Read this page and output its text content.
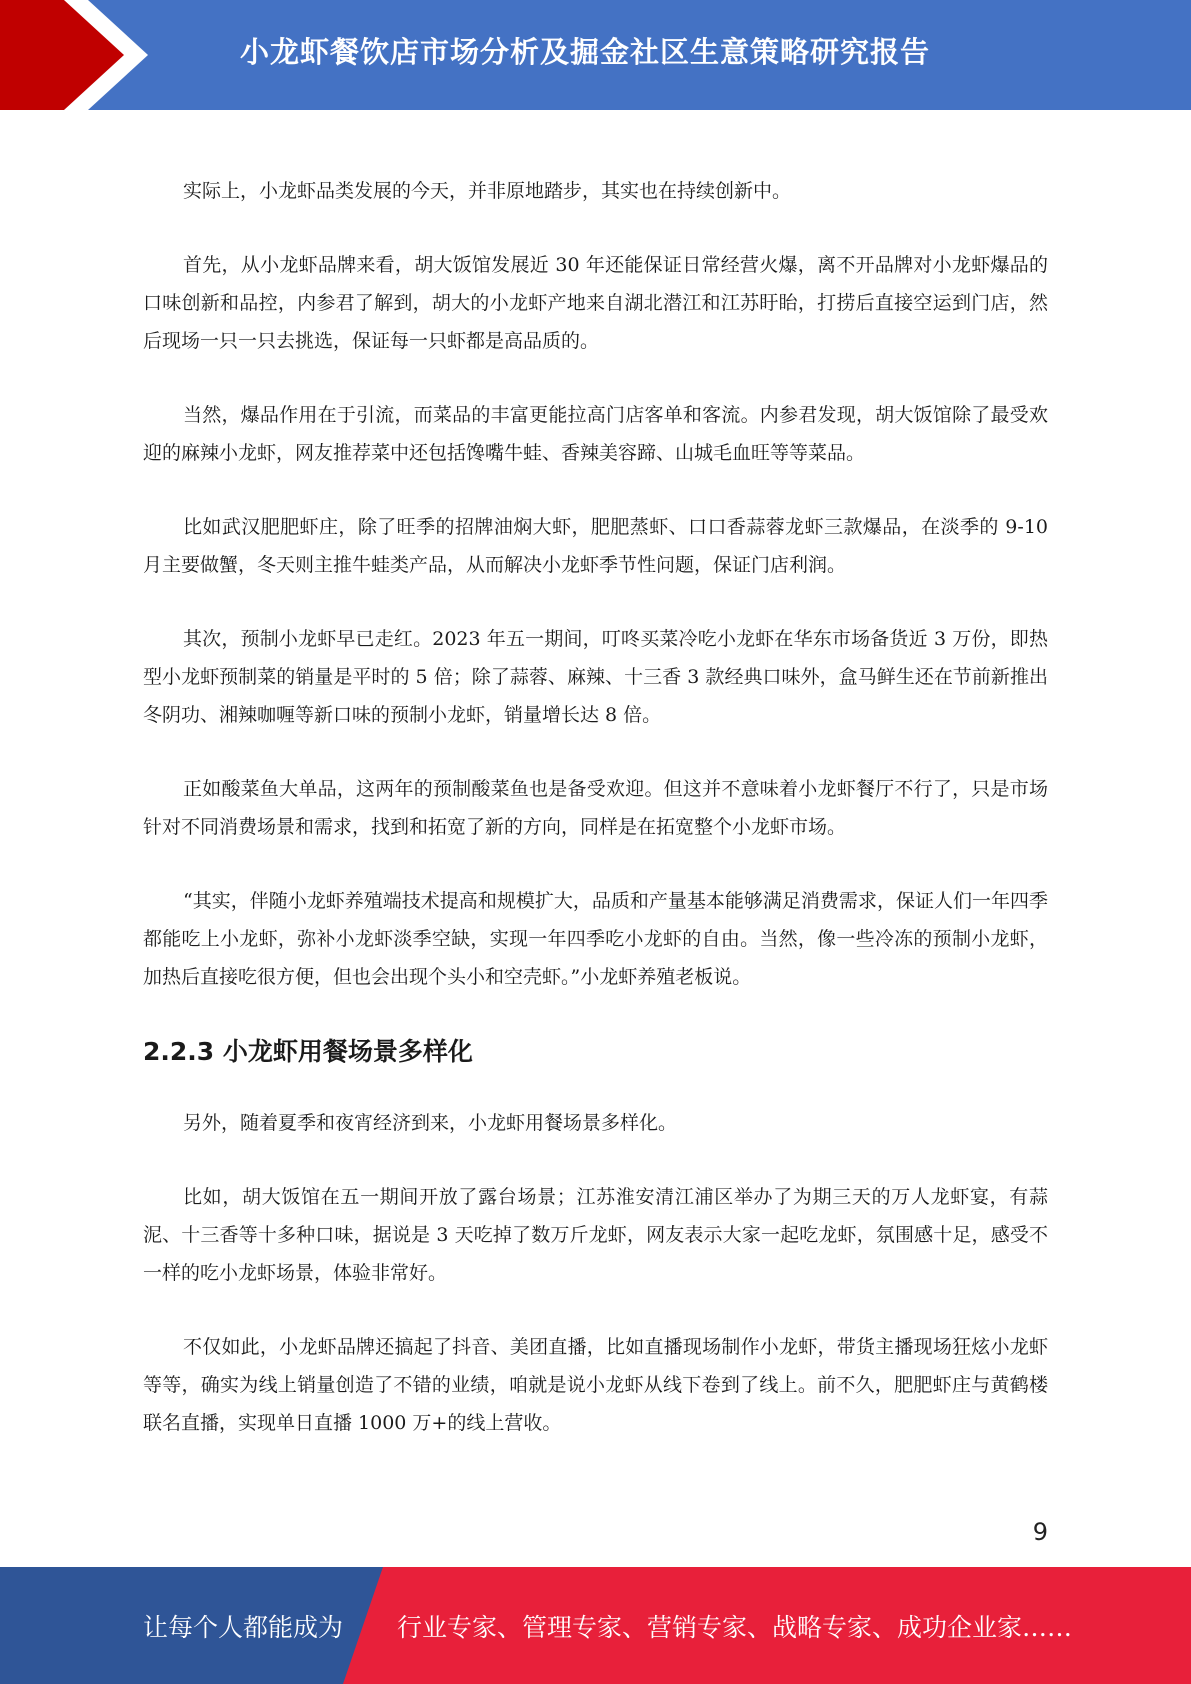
小龙虾餐饮店市场分析及掘金社区生意策略研究报告

实际上，小龙虾品类发展的今天，并非原地踏步，其实也在持续创新中。

首先，从小龙虾品牌来看，胡大饭馆发展近 30 年还能保证日常经营火爆，离不开品牌对小龙虾爆品的口味创新和品控，内参君了解到，胡大的小龙虾产地来自湖北潜江和江苏盱眙，打捞后直接空运到门店，然后现场一只一只去挑选，保证每一只虾都是高品质的。

当然，爆品作用在于引流，而菜品的丰富更能拉高门店客单和客流。内参君发现，胡大饭馆除了最受欢迎的麻辣小龙虾，网友推荐菜中还包括馋嘴牛蛙、香辣美容蹄、山城毛血旺等等菜品。

比如武汉肥肥虾庄，除了旺季的招牌油焖大虾，肥肥蒸虾、口口香蒜蓉龙虾三款爆品，在淡季的 9-10 月主要做蟹，冬天则主推牛蛙类产品，从而解决小龙虾季节性问题，保证门店利润。

其次，预制小龙虾早已走红。2023 年五一期间，叮咚买菜冷吃小龙虾在华东市场备货近 3 万份，即热型小龙虾预制菜的销量是平时的 5 倍；除了蒜蓉、麻辣、十三香 3 款经典口味外，盒马鲜生还在节前新推出冬阴功、湘辣咖喱等新口味的预制小龙虾，销量增长达 8 倍。

正如酸菜鱼大单品，这两年的预制酸菜鱼也是备受欢迎。但这并不意味着小龙虾餐厅不行了，只是市场针对不同消费场景和需求，找到和拓宽了新的方向，同样是在拓宽整个小龙虾市场。

“其实，伴随小龙虾养殖端技术提高和规模扩大，品质和产量基本能够满足消费需求，保证人们一年四季都能吃上小龙虾，弥补小龙虾淡季空缺，实现一年四季吃小龙虾的自由。当然，像一些冷冻的预制小龙虾，加热后直接吃很方便，但也会出现个头小和空壳虾。”小龙虾养殖老板说。

2.2.3 小龙虾用餐场景多样化

另外，随着夏季和夜宵经济到来，小龙虾用餐场景多样化。

比如，胡大饭馆在五一期间开放了露台场景；江苏淮安清江浦区举办了为期三天的万人龙虾宴，有蒜泥、十三香等十多种口味，据说是 3 天吃掉了数万斤龙虾，网友表示大家一起吃龙虾，氛围感十足，感受不一样的吃小龙虾场景，体验非常好。

不仅如此，小龙虾品牌还搞起了抖音、美团直播，比如直播现场制作小龙虾，带货主播现场狂炫小龙虾等等，确实为线上销量创造了不错的业绩，咱就是说小龙虾从线下卷到了线上。前不久，肥肥虾庄与黄鹤楼联名直播，实现单日直播 1000 万+的线上营收。

9
让每个人都能成为 行业专家、管理专家、营销专家、战略专家、成功企业家……
